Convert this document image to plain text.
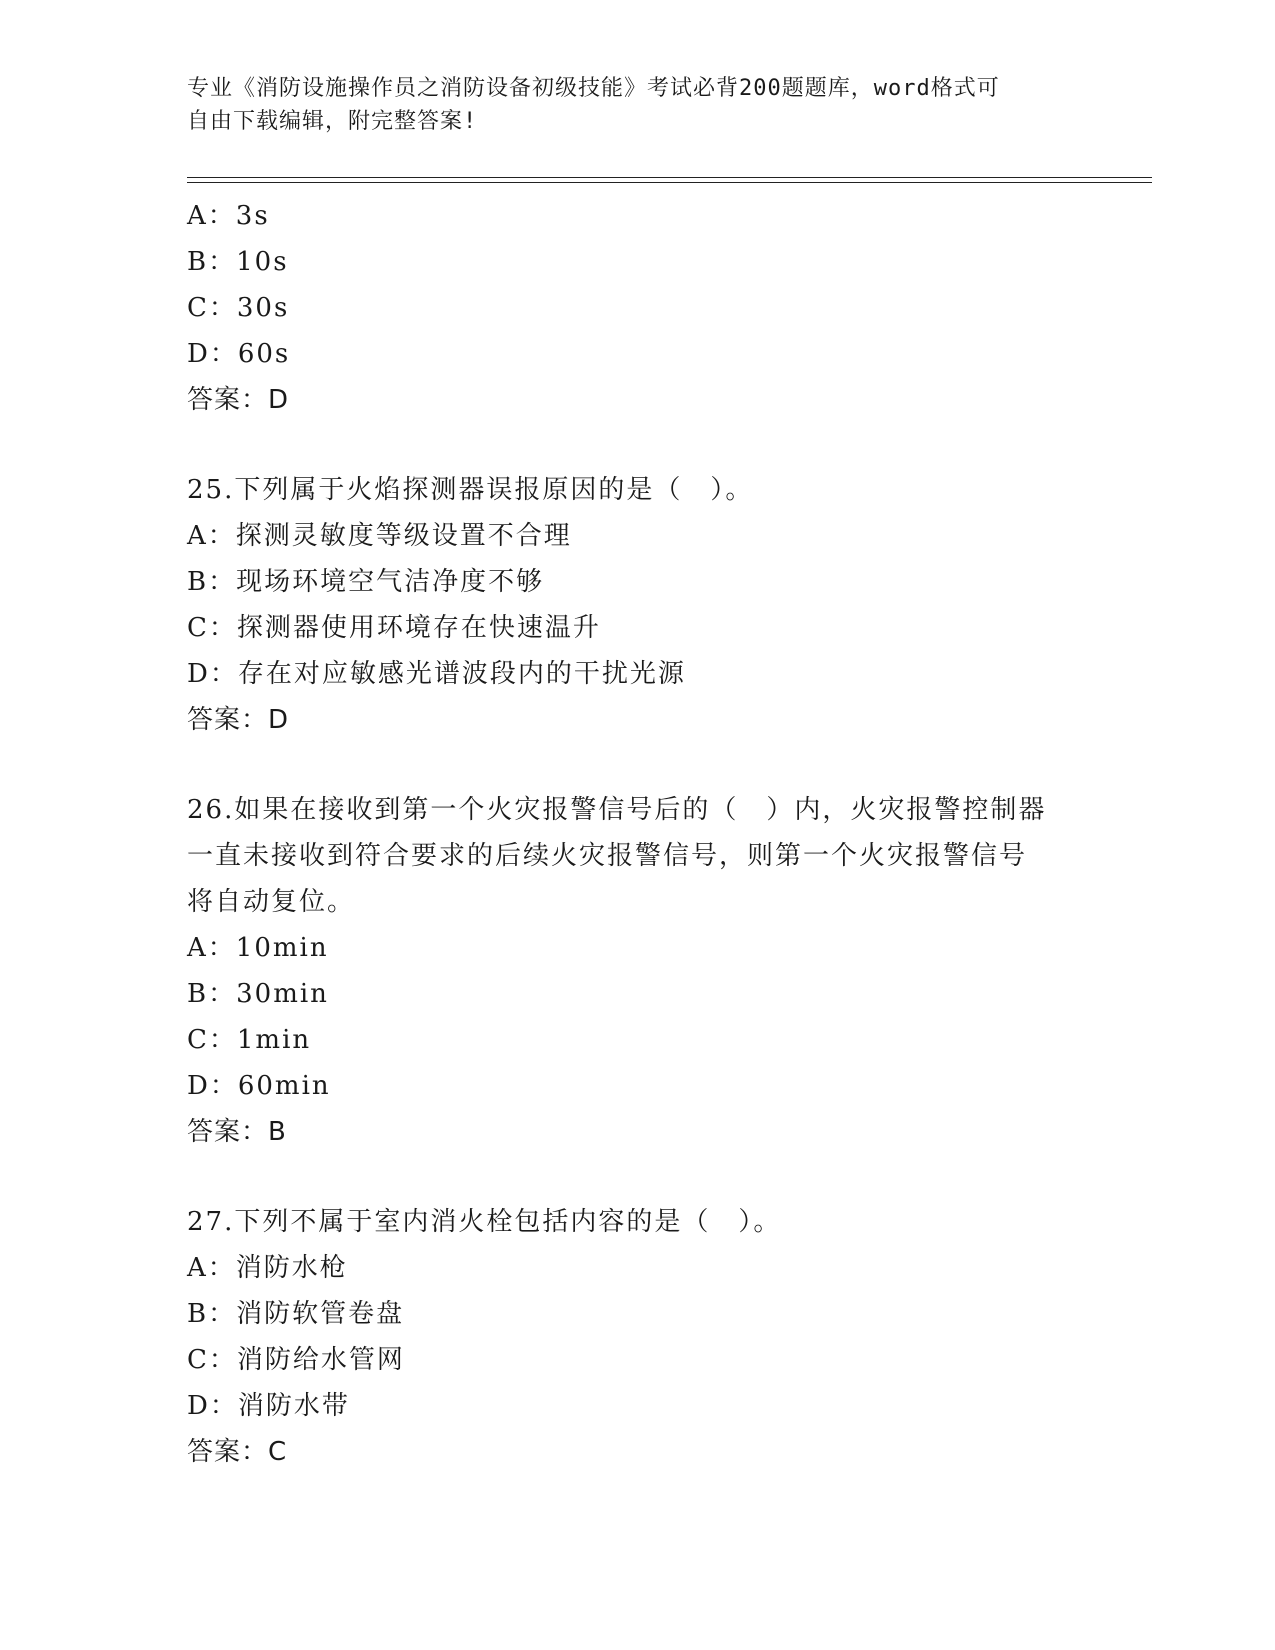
专业《消防设施操作员之消防设备初级技能》考试必背200题题库，word格式可
自由下载编辑，附完整答案!
A：3s
B：10s
C：30s
D：60s
答案：D
25.下列属于火焰探测器误报原因的是（　）。
A：探测灵敏度等级设置不合理
B：现场环境空气洁净度不够
C：探测器使用环境存在快速温升
D：存在对应敏感光谱波段内的干扰光源
答案：D
26.如果在接收到第一个火灾报警信号后的（　）内，火灾报警控制器
一直未接收到符合要求的后续火灾报警信号，则第一个火灾报警信号
将自动复位。
A：10min
B：30min
C：1min
D：60min
答案：B
27.下列不属于室内消火栓包括内容的是（　）。
A：消防水枪
B：消防软管卷盘
C：消防给水管网
D：消防水带
答案：C
